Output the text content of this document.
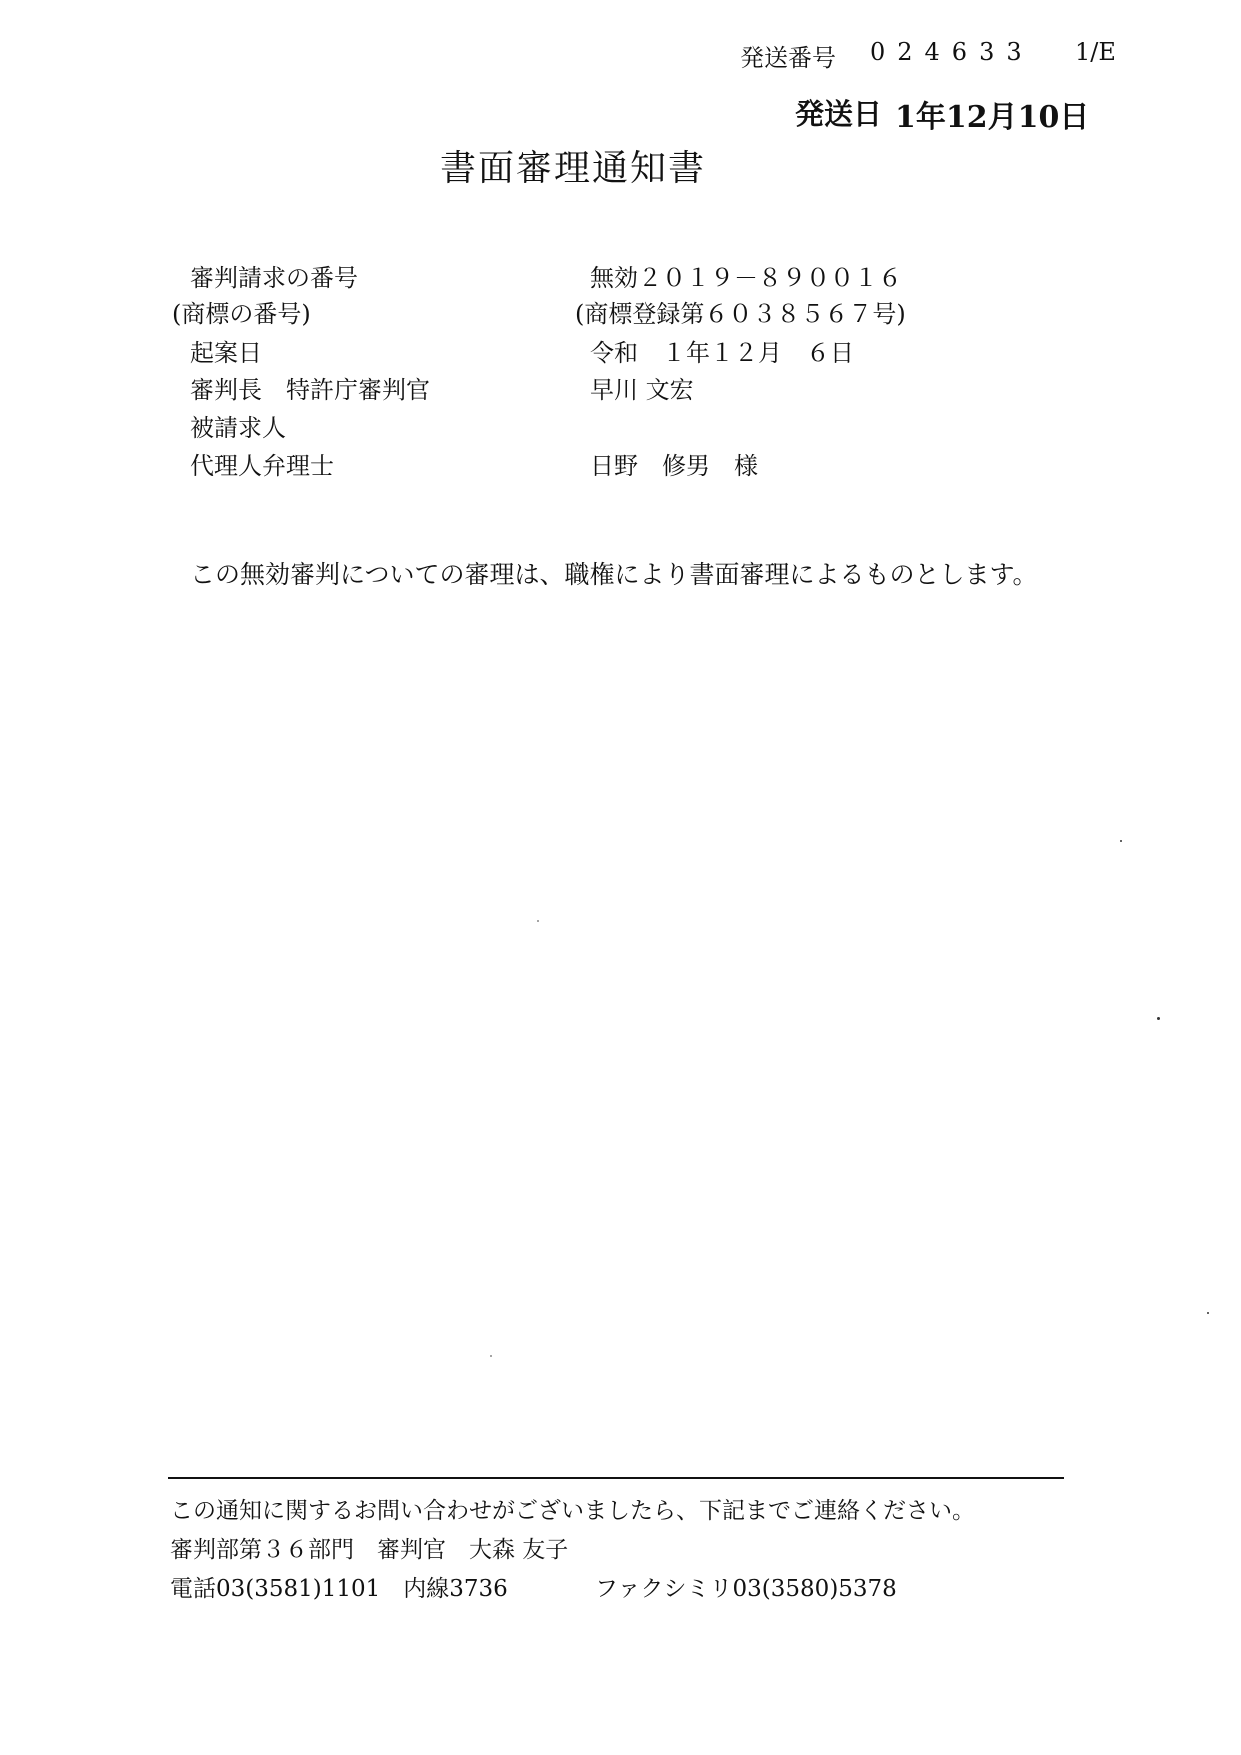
発送番号 024633 1/E
発送日 1年12月10日
書面審理通知書
審判請求の番号	無効２０１９－８９００１６
(商標の番号)	(商標登録第６０３８５６７号)
起案日	令和　１年１２月　６日
審判長　特許庁審判官	早川 文宏
被請求人
代理人弁理士	日野　修男　様
この無効審判についての審理は、職権により書面審理によるものとします。
この通知に関するお問い合わせがございましたら、下記までご連絡ください。
審判部第３６部門　審判官　大森 友子
電話03(3581)1101　内線3736	ファクシミリ03(3580)5378
